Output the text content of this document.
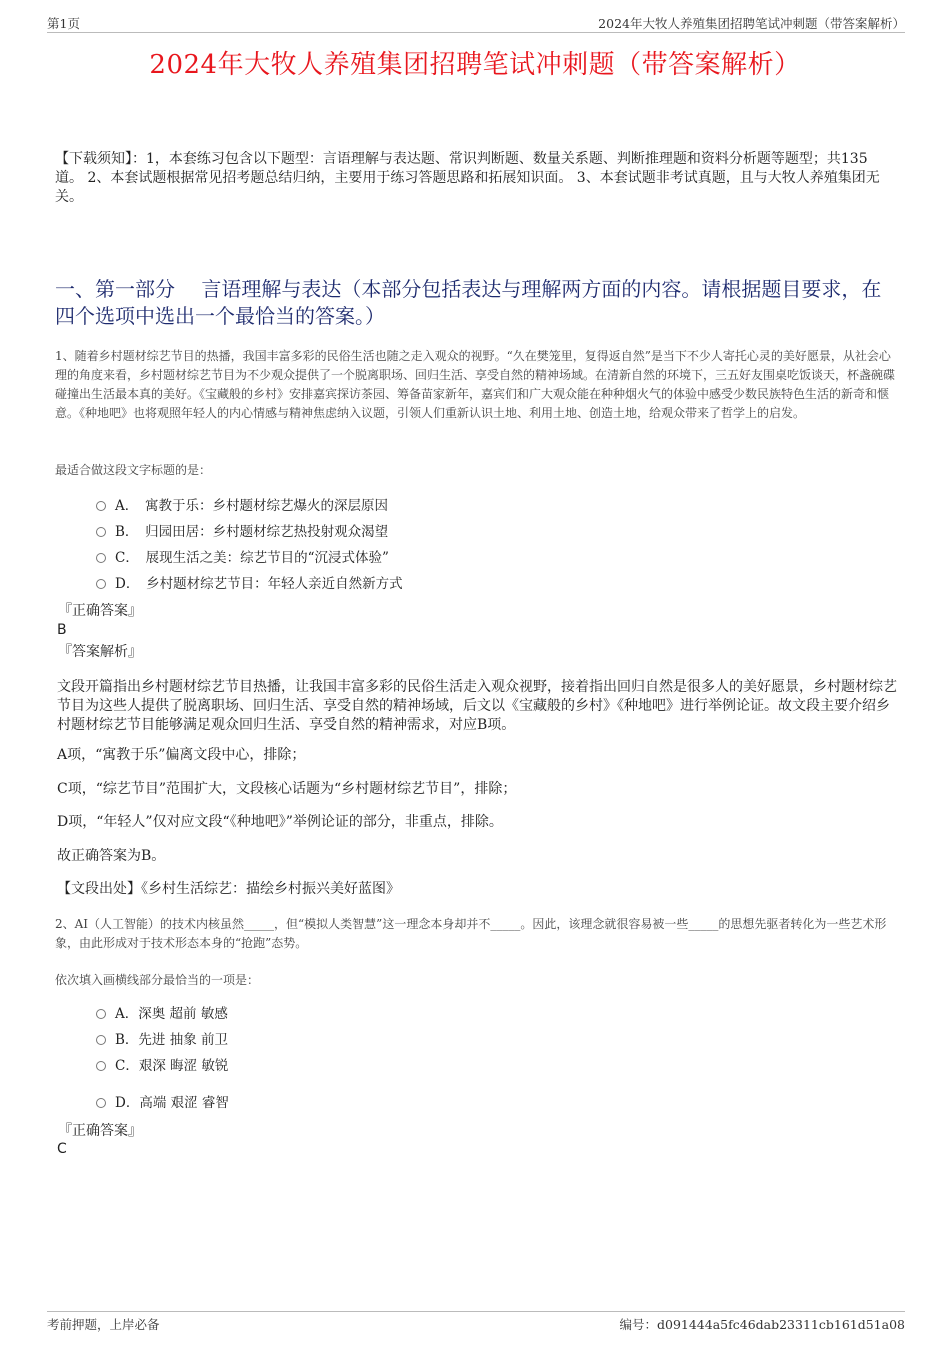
第1页	2024年大牧人养殖集团招聘笔试冲刺题（带答案解析）
2024年大牧人养殖集团招聘笔试冲刺题（带答案解析）
【下载须知】：1，本套练习包含以下题型：言语理解与表达题、常识判断题、数量关系题、判断推理题和资料分析题等题型；共135道。 2、本套试题根据常见招考题总结归纳，主要用于练习答题思路和拓展知识面。 3、本套试题非考试真题，且与大牧人养殖集团无关。
一、第一部分　 言语理解与表达（本部分包括表达与理解两方面的内容。请根据题目要求，在四个选项中选出一个最恰当的答案。）
1、随着乡村题材综艺节目的热播，我国丰富多彩的民俗生活也随之走入观众的视野。“久在樊笼里，复得返自然”是当下不少人寄托心灵的美好愿景，从社会心理的角度来看，乡村题材综艺节目为不少观众提供了一个脱离职场、回归生活、享受自然的精神场域。在清新自然的环境下，三五好友围桌吃饭谈天，杯盏碗碟碰撞出生活最本真的美好。《宝藏般的乡村》安排嘉宾探访茶园、筹备苗家新年，嘉宾们和广大观众能在种种烟火气的体验中感受少数民族特色生活的新奇和惬意。《种地吧》也将观照年轻人的内心情感与精神焦虑纳入议题，引领人们重新认识土地、利用土地、创造土地，给观众带来了哲学上的启发。
最适合做这段文字标题的是：
A．　寓教于乐：乡村题材综艺爆火的深层原因
B．　归园田居：乡村题材综艺热投射观众渴望
C．　展现生活之美：综艺节目的“沉浸式体验”
D．　乡村题材综艺节目：年轻人亲近自然新方式
『正确答案』
B
『答案解析』
文段开篇指出乡村题材综艺节目热播，让我国丰富多彩的民俗生活走入观众视野，接着指出回归自然是很多人的美好愿景，乡村题材综艺节目为这些人提供了脱离职场、回归生活、享受自然的精神场域，后文以《宝藏般的乡村》《种地吧》进行举例论证。故文段主要介绍乡村题材综艺节目能够满足观众回归生活、享受自然的精神需求，对应B项。
A项，“寓教于乐”偏离文段中心，排除；
C项，“综艺节目”范围扩大，文段核心话题为“乡村题材综艺节目”，排除；
D项，“年轻人”仅对应文段“《种地吧》”举例论证的部分，非重点，排除。
故正确答案为B。
【文段出处】《乡村生活综艺：描绘乡村振兴美好蓝图》
2、AI（人工智能）的技术内核虽然_____，但“模拟人类智慧”这一理念本身却并不_____。因此，该理念就很容易被一些_____的思想先驱者转化为一些艺术形象，由此形成对于技术形态本身的“抢跑”态势。
依次填入画横线部分最恰当的一项是：
A．深奥 超前 敏感
B．先进 抽象 前卫
C．艰深 晦涩 敏锐
D．高端 艰涩 睿智
『正确答案』
C
考前押题，上岸必备	编号：d091444a5fc46dab23311cb161d51a08
